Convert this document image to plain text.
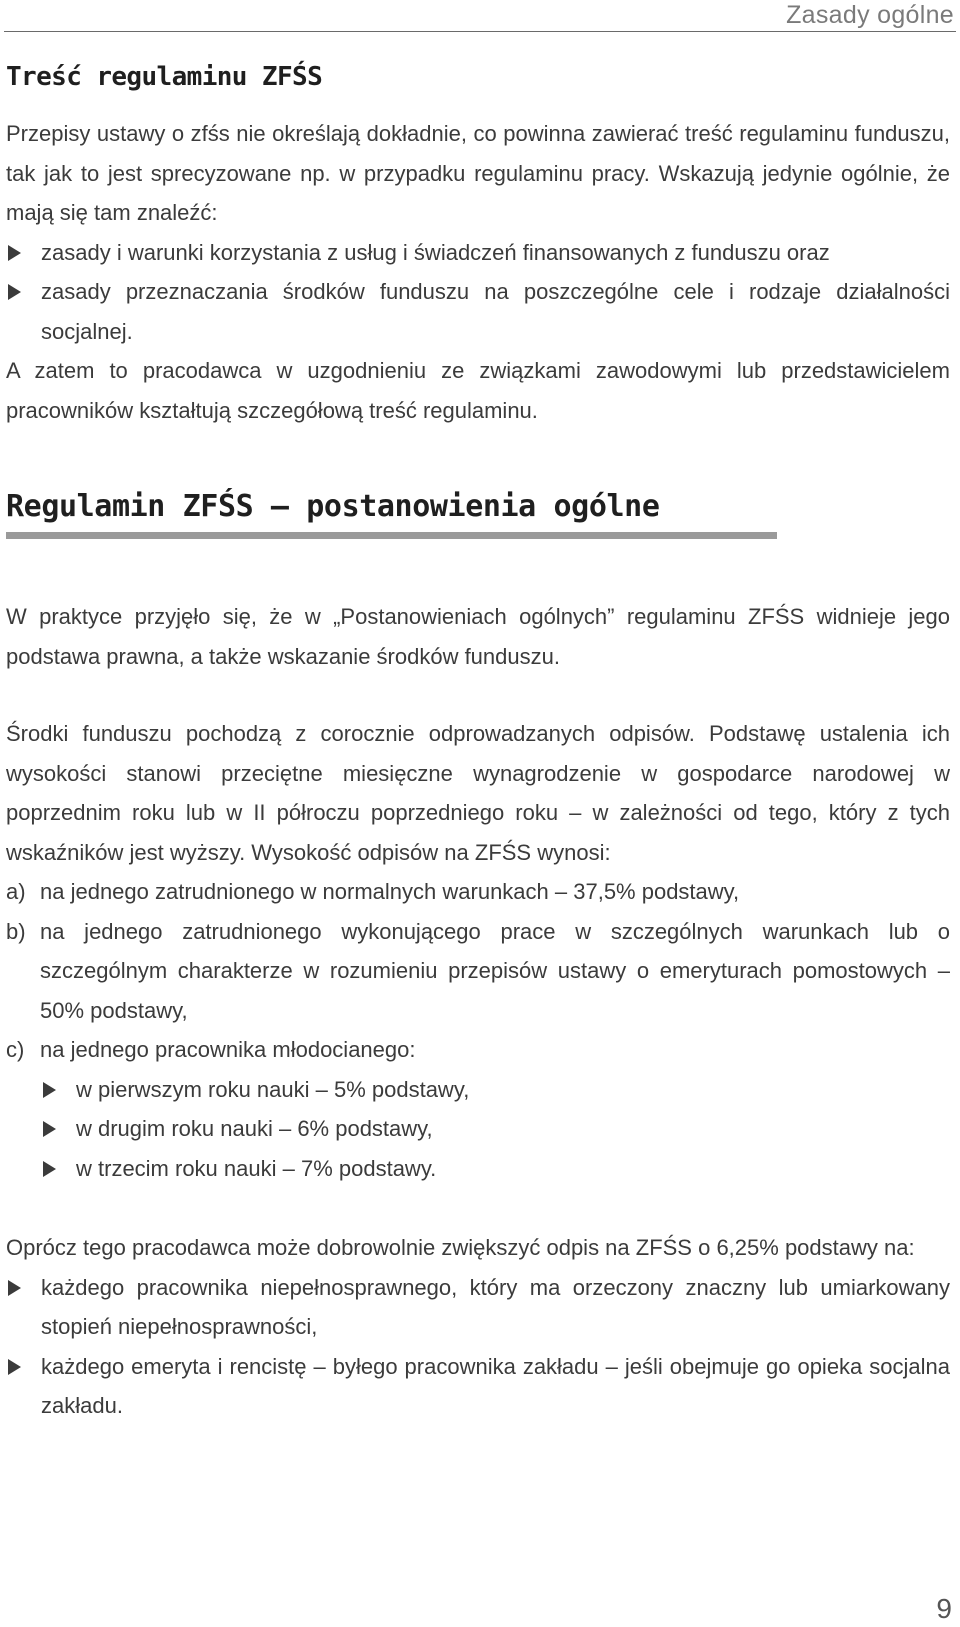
Zasady ogólne
Treść regulaminu ZFŚS

Przepisy ustawy o zfśs nie określają dokładnie, co powinna zawierać treść regulaminu funduszu, tak jak to jest sprecyzowane np. w przypadku regulaminu pracy. Wskazują jedynie ogólnie, że mają się tam znaleźć:

zasady i warunki korzystania z usług i świadczeń finansowanych z funduszu oraz
zasady przeznaczania środków funduszu na poszczególne cele i rodzaje działalności socjalnej.

A zatem to pracodawca w uzgodnieniu ze związkami zawodowymi lub przedstawicielem pracowników kształtują szczegółową treść regulaminu.

Regulamin ZFŚS – postanowienia ogólne

W praktyce przyjęło się, że w „Postanowieniach ogólnych” regulaminu ZFŚS widnieje jego podstawa prawna, a także wskazanie środków funduszu.

Środki funduszu pochodzą z corocznie odprowadzanych odpisów. Podstawę ustalenia ich wysokości stanowi przeciętne miesięczne wynagrodzenie w gospodarce narodowej w poprzednim roku lub w II półroczu poprzedniego roku – w zależności od tego, który z tych wskaźników jest wyższy. Wysokość odpisów na ZFŚS wynosi:

a) na jednego zatrudnionego w normalnych warunkach – 37,5% podstawy,
b) na jednego zatrudnionego wykonującego prace w szczególnych warunkach lub o szczególnym charakterze w rozumieniu przepisów ustawy o emeryturach pomostowych – 50% podstawy,
c) na jednego pracownika młodocianego:
w pierwszym roku nauki – 5% podstawy,
w drugim roku nauki – 6% podstawy,
w trzecim roku nauki – 7% podstawy.

Oprócz tego pracodawca może dobrowolnie zwiększyć odpis na ZFŚS o 6,25% podstawy na:

każdego pracownika niepełnosprawnego, który ma orzeczony znaczny lub umiarkowany stopień niepełnosprawności,
każdego emeryta i rencistę – byłego pracownika zakładu – jeśli obejmuje go opieka socjalna zakładu.
9
